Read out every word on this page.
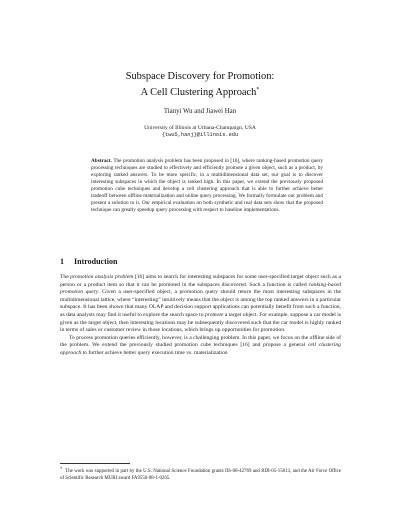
Subspace Discovery for Promotion:
A Cell Clustering Approach*
Tianyi Wu and Jiawei Han
University of Illinois at Urbana-Champaign, USA
{twu5,hanj}@illinois.edu
Abstract. The promotion analysis problem has been proposed in [16], where ranking-based promotion query processing techniques are studied to effectively and efficiently promote a given object, such as a product, by exploring ranked answers. To be more specific, in a multidimensional data set, our goal is to discover interesting subspaces in which the object is ranked high. In this paper, we extend the previously proposed promotion cube techniques and develop a cell clustering approach that is able to further achieve better tradeoff between offline materialization and online query processing. We formally formulate our problem and present a solution to it. Our empirical evaluation on both synthetic and real data sets show that the proposed technique can greatly speedup query processing with respect to baseline implementations.
1 Introduction

The promotion analysis problem [16] aims to search for interesting subspaces for some user-specified target object such as a person or a product item so that it can be promoted in the subspaces discovered. Such a function is called ranking-based promotion query. Given a user-specified object, a promotion query should return the most interesting subspaces in the multidimensional lattice, where “interesting” intuitively means that the object is among the top ranked answers in a particular subspace. It has been shown that many OLAP and decision support applications can potentially benefit from such a function, as data analysts may find it useful to explore the search space to promote a target object. For example, suppose a car model is given as the target object, then interesting locations may be subsequently discovered such that the car model is highly ranked in terms of sales or customer review in those locations, which brings up opportunities for promotion.

To process promotion queries efficiently, however, is a challenging problem. In this paper, we focus on the offline side of the problem. We extend the previously studied promotion cube techniques [16] and propose a general cell clustering approach to further achieve better query execution time vs. materialization

*The work was supported in part by the U.S. National Science Foundation grants IIS-08-42769 and BDI-05-15813, and the Air Force Office of Scientific Research MURI award FA9550-08-1-0265.
